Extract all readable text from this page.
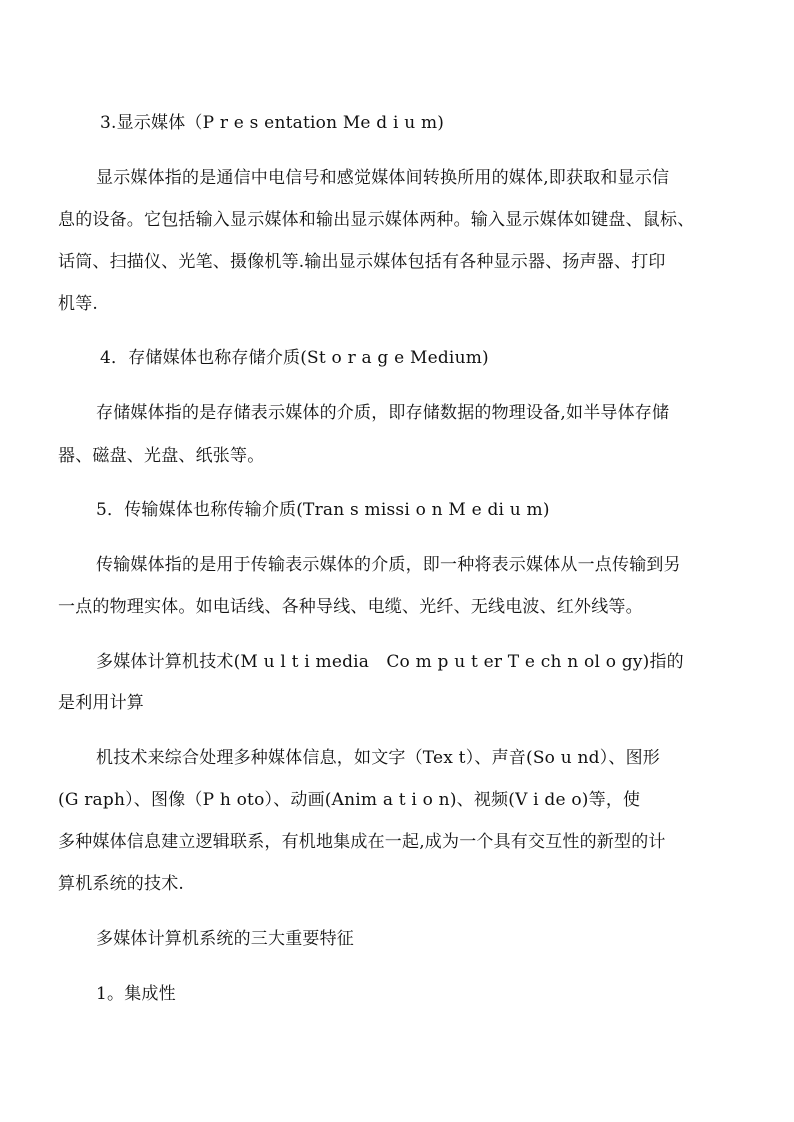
3.显示媒体（P r e s entation Me d i u m)
显示媒体指的是通信中电信号和感觉媒体间转换所用的媒体,即获取和显示信
息的设备。它包括输入显示媒体和输出显示媒体两种。输入显示媒体如键盘、鼠标、
话筒、扫描仪、光笔、摄像机等.输出显示媒体包括有各种显示器、扬声器、打印
机等.
4．存储媒体也称存储介质(St o r a g e Medium)
存储媒体指的是存储表示媒体的介质，即存储数据的物理设备,如半导体存储
器、磁盘、光盘、纸张等。
5．传输媒体也称传输介质(Tran s missi o n M e di u m)
传输媒体指的是用于传输表示媒体的介质，即一种将表示媒体从一点传输到另
一点的物理实体。如电话线、各种导线、电缆、光纤、无线电波、红外线等。
多媒体计算机技术(M u l t i media　Co m p u t er T e ch n ol o gy)指的
是利用计算
机技术来综合处理多种媒体信息，如文字（Tex t）、声音(So u nd）、图形
(G raph）、图像（P h oto）、动画(Anim a t i o n)、视频(V i de o)等，使
多种媒体信息建立逻辑联系，有机地集成在一起,成为一个具有交互性的新型的计
算机系统的技术.
多媒体计算机系统的三大重要特征
1。集成性
